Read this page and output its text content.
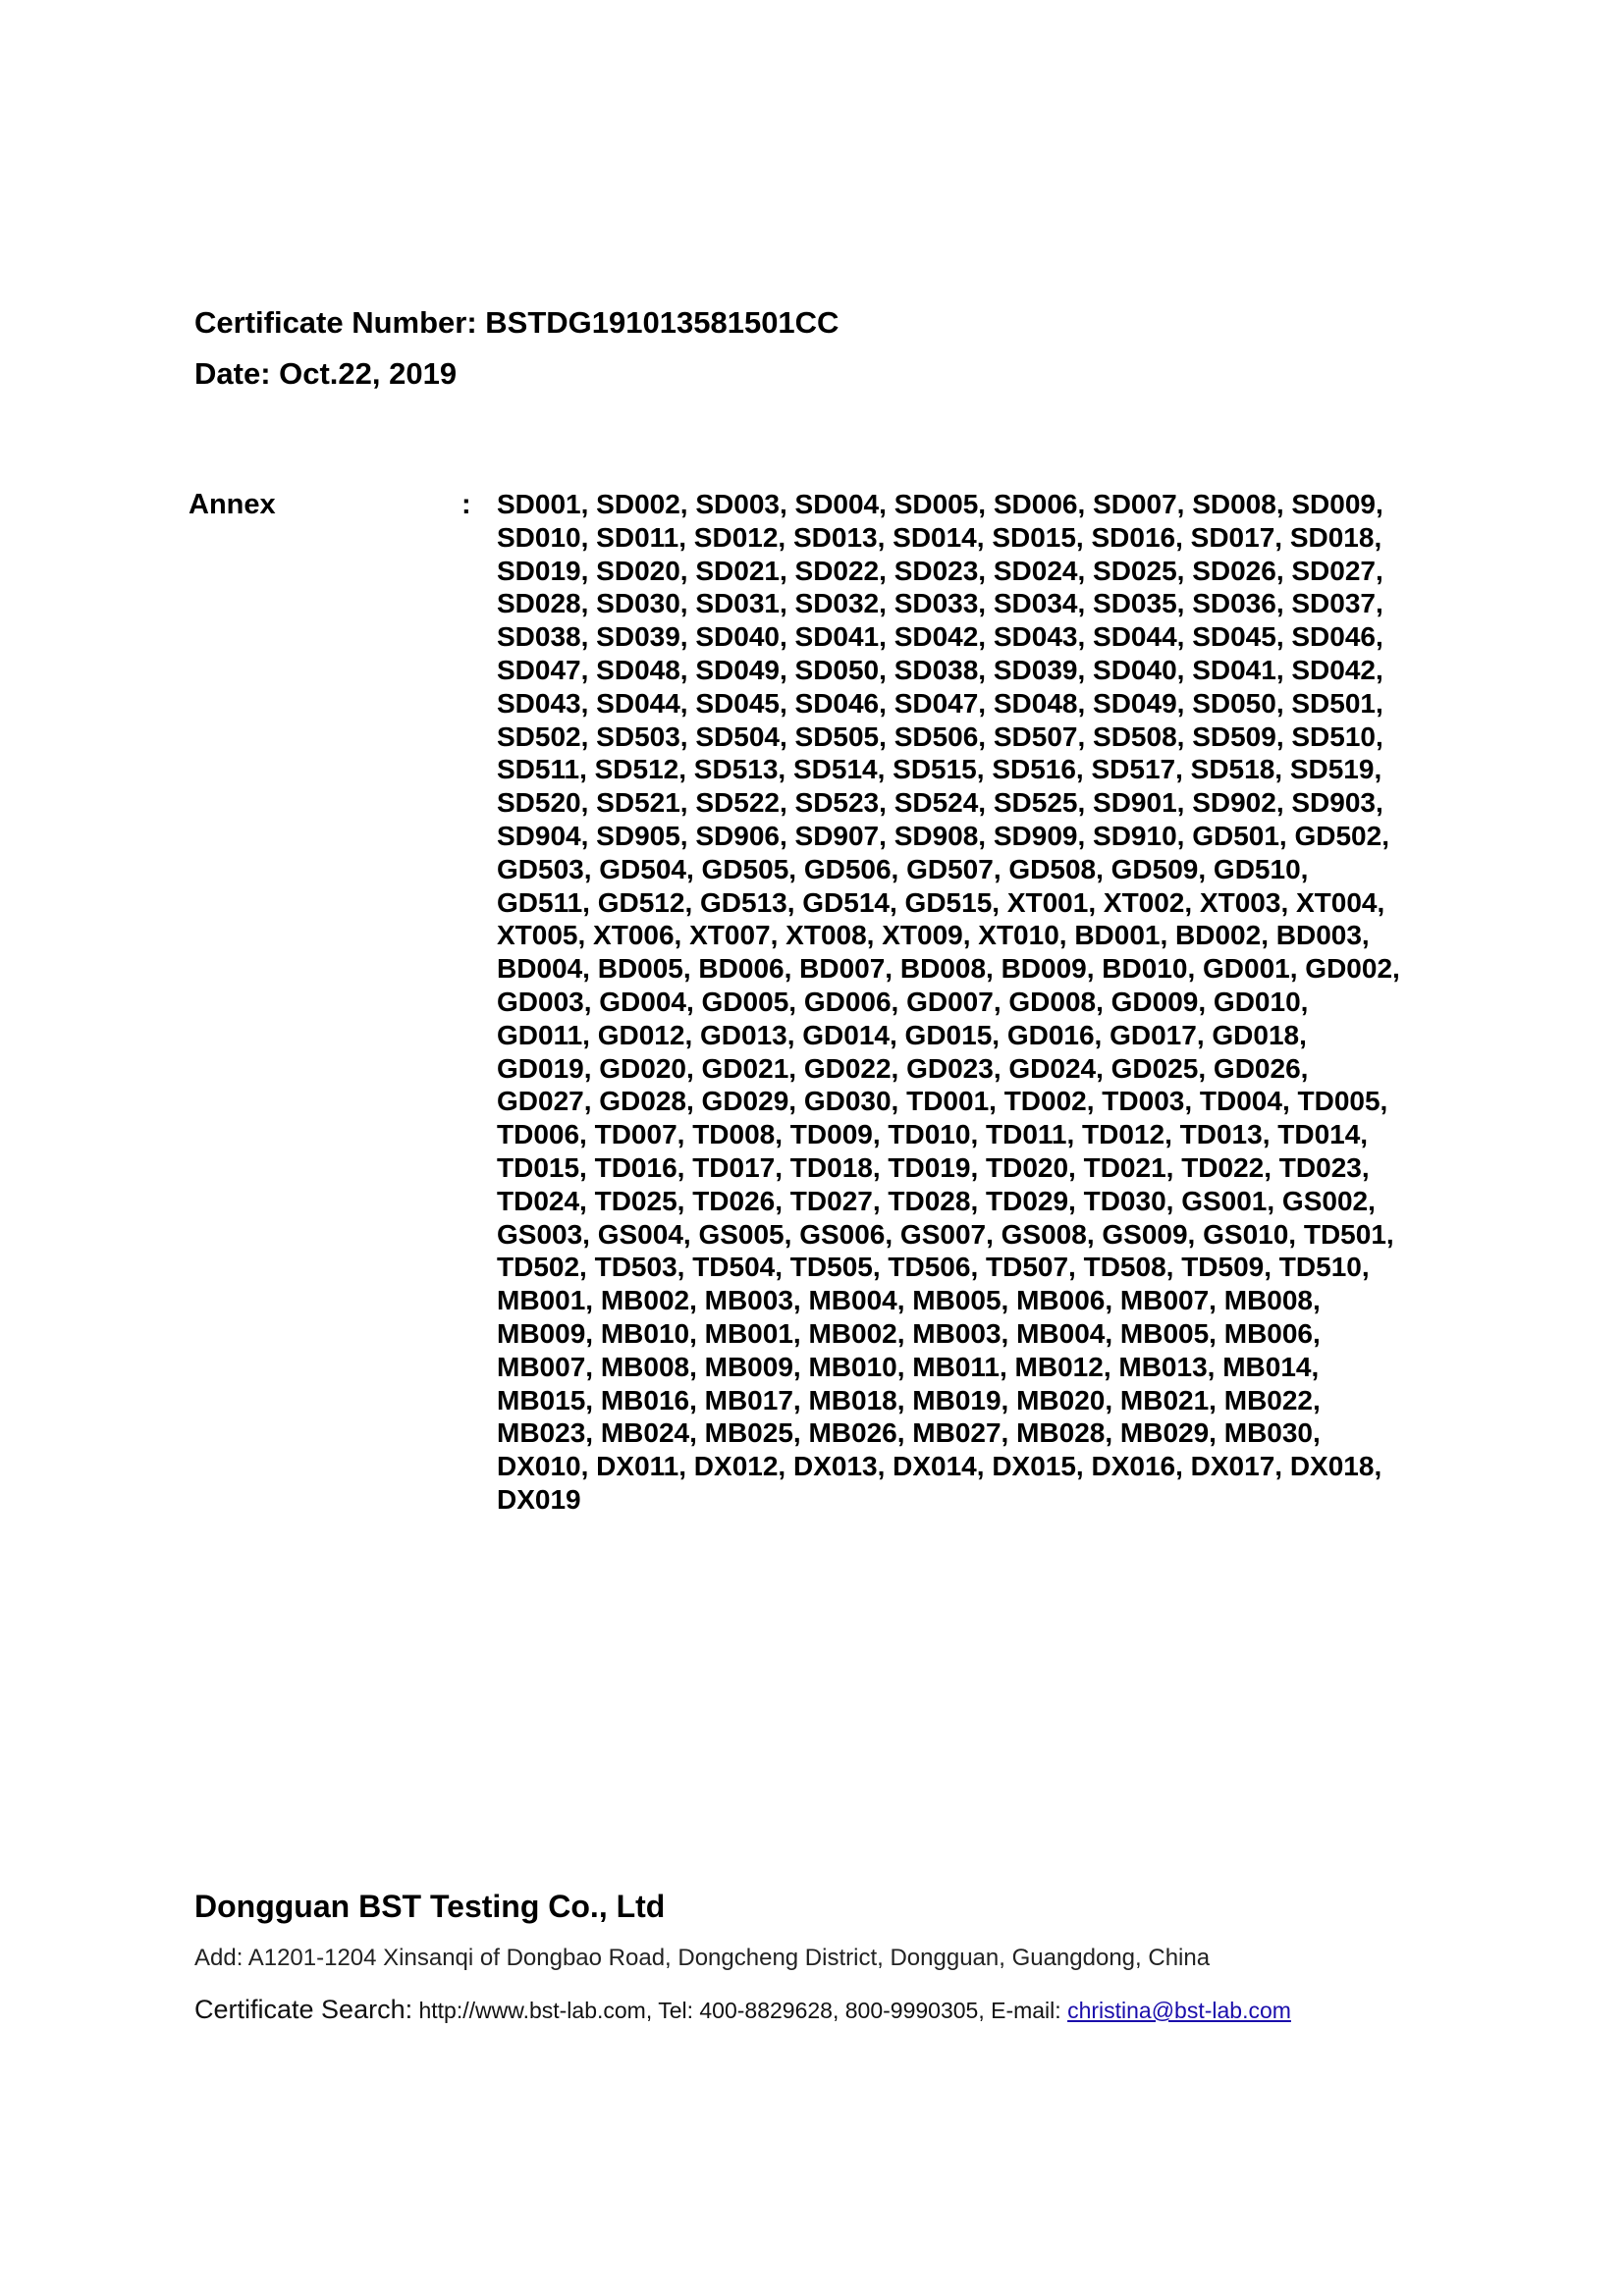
Certificate Number: BSTDG191013581501CC
Date: Oct.22, 2019
Annex	: SD001, SD002, SD003, SD004, SD005, SD006, SD007, SD008, SD009,
SD010, SD011, SD012, SD013, SD014, SD015, SD016, SD017, SD018,
SD019, SD020, SD021, SD022, SD023, SD024, SD025, SD026, SD027,
SD028, SD030, SD031, SD032, SD033, SD034, SD035, SD036, SD037,
SD038, SD039, SD040, SD041, SD042, SD043, SD044, SD045, SD046,
SD047, SD048, SD049, SD050, SD038, SD039, SD040, SD041, SD042,
SD043, SD044, SD045, SD046, SD047, SD048, SD049, SD050, SD501,
SD502, SD503, SD504, SD505, SD506, SD507, SD508, SD509, SD510,
SD511, SD512, SD513, SD514, SD515, SD516, SD517, SD518, SD519,
SD520, SD521, SD522, SD523, SD524, SD525, SD901, SD902, SD903,
SD904, SD905, SD906, SD907, SD908, SD909, SD910, GD501, GD502,
GD503, GD504, GD505, GD506, GD507, GD508, GD509, GD510,
GD511, GD512, GD513, GD514, GD515, XT001, XT002, XT003, XT004,
XT005, XT006, XT007, XT008, XT009, XT010, BD001, BD002, BD003,
BD004, BD005, BD006, BD007, BD008, BD009, BD010, GD001, GD002,
GD003, GD004, GD005, GD006, GD007, GD008, GD009, GD010,
GD011, GD012, GD013, GD014, GD015, GD016, GD017, GD018,
GD019, GD020, GD021, GD022, GD023, GD024, GD025, GD026,
GD027, GD028, GD029, GD030, TD001, TD002, TD003, TD004, TD005,
TD006, TD007, TD008, TD009, TD010, TD011, TD012, TD013, TD014,
TD015, TD016, TD017, TD018, TD019, TD020, TD021, TD022, TD023,
TD024, TD025, TD026, TD027, TD028, TD029, TD030, GS001, GS002,
GS003, GS004, GS005, GS006, GS007, GS008, GS009, GS010, TD501,
TD502, TD503, TD504, TD505, TD506, TD507, TD508, TD509, TD510,
MB001, MB002, MB003, MB004, MB005, MB006, MB007, MB008,
MB009, MB010, MB001, MB002, MB003, MB004, MB005, MB006,
MB007, MB008, MB009, MB010, MB011, MB012, MB013, MB014,
MB015, MB016, MB017, MB018, MB019, MB020, MB021, MB022,
MB023, MB024, MB025, MB026, MB027, MB028, MB029, MB030,
DX010, DX011, DX012, DX013, DX014, DX015, DX016, DX017, DX018,
DX019
Dongguan BST Testing Co., Ltd
Add: A1201-1204 Xinsanqi of Dongbao Road, Dongcheng District, Dongguan, Guangdong, China
Certificate Search: http://www.bst-lab.com, Tel: 400-8829628, 800-9990305, E-mail: christina@bst-lab.com
